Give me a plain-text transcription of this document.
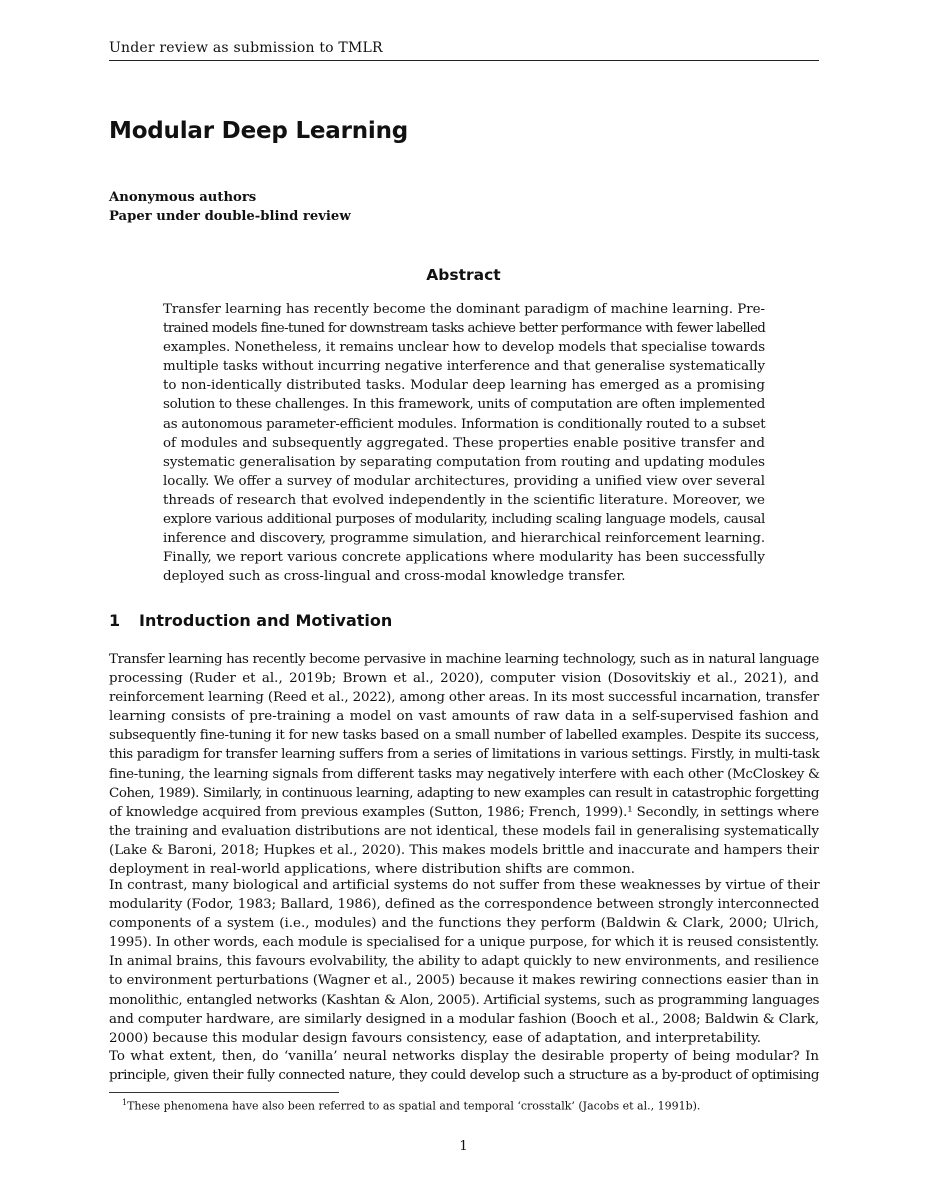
Under review as submission to TMLR
Modular Deep Learning
Anonymous authors
Paper under double-blind review
Abstract
Transfer learning has recently become the dominant paradigm of machine learning. Pre-
trained models fine-tuned for downstream tasks achieve better performance with fewer labelled
examples. Nonetheless, it remains unclear how to develop models that specialise towards
multiple tasks without incurring negative interference and that generalise systematically
to non-identically distributed tasks. Modular deep learning has emerged as a promising
solution to these challenges. In this framework, units of computation are often implemented
as autonomous parameter-efficient modules. Information is conditionally routed to a subset
of modules and subsequently aggregated. These properties enable positive transfer and
systematic generalisation by separating computation from routing and updating modules
locally. We offer a survey of modular architectures, providing a unified view over several
threads of research that evolved independently in the scientific literature. Moreover, we
explore various additional purposes of modularity, including scaling language models, causal
inference and discovery, programme simulation, and hierarchical reinforcement learning.
Finally, we report various concrete applications where modularity has been successfully
deployed such as cross-lingual and cross-modal knowledge transfer.
1 Introduction and Motivation
Transfer learning has recently become pervasive in machine learning technology, such as in natural language
processing (Ruder et al., 2019b; Brown et al., 2020), computer vision (Dosovitskiy et al., 2021), and
reinforcement learning (Reed et al., 2022), among other areas. In its most successful incarnation, transfer
learning consists of pre-training a model on vast amounts of raw data in a self-supervised fashion and
subsequently fine-tuning it for new tasks based on a small number of labelled examples. Despite its success,
this paradigm for transfer learning suffers from a series of limitations in various settings. Firstly, in multi-task
fine-tuning, the learning signals from different tasks may negatively interfere with each other (McCloskey &
Cohen, 1989). Similarly, in continuous learning, adapting to new examples can result in catastrophic forgetting
of knowledge acquired from previous examples (Sutton, 1986; French, 1999).¹ Secondly, in settings where
the training and evaluation distributions are not identical, these models fail in generalising systematically
(Lake & Baroni, 2018; Hupkes et al., 2020). This makes models brittle and inaccurate and hampers their
deployment in real-world applications, where distribution shifts are common.
In contrast, many biological and artificial systems do not suffer from these weaknesses by virtue of their
modularity (Fodor, 1983; Ballard, 1986), defined as the correspondence between strongly interconnected
components of a system (i.e., modules) and the functions they perform (Baldwin & Clark, 2000; Ulrich,
1995). In other words, each module is specialised for a unique purpose, for which it is reused consistently.
In animal brains, this favours evolvability, the ability to adapt quickly to new environments, and resilience
to environment perturbations (Wagner et al., 2005) because it makes rewiring connections easier than in
monolithic, entangled networks (Kashtan & Alon, 2005). Artificial systems, such as programming languages
and computer hardware, are similarly designed in a modular fashion (Booch et al., 2008; Baldwin & Clark,
2000) because this modular design favours consistency, ease of adaptation, and interpretability.
To what extent, then, do ‘vanilla’ neural networks display the desirable property of being modular? In
principle, given their fully connected nature, they could develop such a structure as a by-product of optimising
$^1$These phenomena have also been referred to as spatial and temporal ‘crosstalk’ (Jacobs et al., 1991b).
1
